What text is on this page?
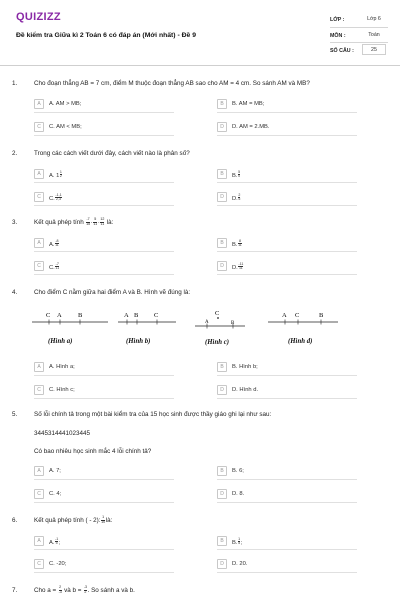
QUIZIZZ
Đề kiểm tra Giữa kì 2 Toán 6 có đáp án (Mới nhất) - Đề 9
LỚP :	Lớp 6
MÔN :	Toán
SỐ CÂU :	25
1.	Cho đoạn thẳng AB = 7 cm, điểm M thuộc đoạn thẳng AB sao cho AM = 4 cm. So sánh AM và MB?
A	A. AM > MB;	B	B. AM = MB;
C	C. AM < MB;	D	D. AM = 2.MB.
2.	Trong các cách viết dưới đây, cách viết nào là phân số?
A	A. $1 \frac{1}{2}$	B	B. $\frac{5}{0}$
C	C. $\frac{-1,1}{2,3}$	D	D. $\frac{2}{5}$
3.	Kết quả phép tính $\frac{-7}{15} \cdot \frac{5}{11} \cdot \frac{12}{11}$ là:
A	A. $\frac{-8}{11}$	B	B. $\frac{8}{11}$
C	C. $\frac{-7}{11}$	D	D. $\frac{-11}{11}$
4.	Cho điểm C nằm giữa hai điểm A và B. Hình vẽ đúng là:
C A	B	A B C
A
C
B
A C	B
(Hình a)	(Hình b)	(Hình c)	(Hình d)
A	A. Hình a;	B	B. Hình b;
C	C. Hình c;	D	D. Hình d.
5.	Số lỗi chính tả trong một bài kiểm tra của 15 học sinh được thầy giáo ghi lại như sau:
3445314441023445
Có bao nhiêu học sinh mắc 4 lỗi chính tả?
A	A. 7;	B	B. 6;
C	C. 4;	D	D. 8.
6.	Kết quả phép tính ( - 2): $\frac{1}{10}$ là:
A	A. $\frac{-1}{5}$ ;	B	B. $\frac{1}{5}$ ;
C	C. -20;	D	D. 20.
7.	Cho $a = \frac{2}{-3}$ và $b = \frac{-3}{2}$ . So sánh a và b.
